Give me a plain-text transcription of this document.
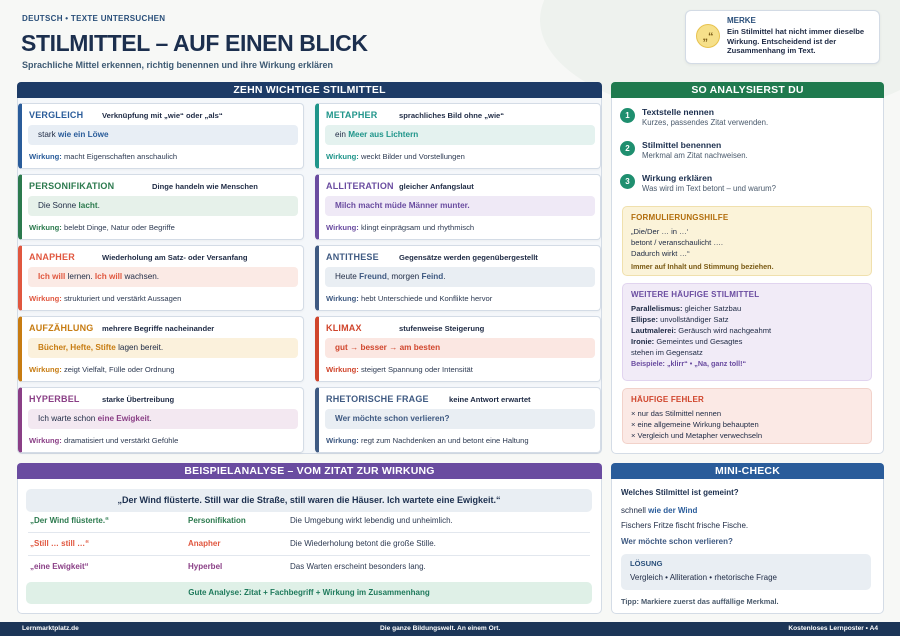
DEUTSCH • TEXTE UNTERSUCHEN
STILMITTEL – AUF EINEN BLICK
Sprachliche Mittel erkennen, richtig benennen und ihre Wirkung erklären
„“
MERKE
Ein Stilmittel hat nicht immer dieselbe Wirkung. Entscheidend ist der Zusammenhang im Text.
ZEHN WICHTIGE STILMITTEL
VERGLEICH Verknüpfung mit „wie“ oder „als“
stark wie ein Löwe
Wirkung: macht Eigenschaften anschaulich
METAPHER	sprachliches Bild ohne „wie“
ein Meer aus Lichtern
Wirkung: weckt Bilder und Vorstellungen
PERSONIFIKATION	Dinge handeln wie Menschen
Die Sonne lacht.
Wirkung: belebt Dinge, Natur oder Begriffe
ALLITERATION gleicher Anfangslaut
Milch macht müde Männer munter.
Wirkung: klingt einprägsam und rhythmisch
ANAPHER	Wiederholung am Satz- oder Versanfang
Ich will lernen. Ich will wachsen.
Wirkung: strukturiert und verstärkt Aussagen
ANTITHESE	Gegensätze werden gegenübergestellt
Heute Freund, morgen Feind.
Wirkung: hebt Unterschiede und Konflikte hervor
AUFZÄHLUNG mehrere Begriffe nacheinander
Bücher, Hefte, Stifte lagen bereit.
Wirkung: zeigt Vielfalt, Fülle oder Ordnung
KLIMAX	stufenweise Steigerung
gut → besser → am besten
Wirkung: steigert Spannung oder Intensität
HYPERBEL	starke Übertreibung
Ich warte schon eine Ewigkeit.
Wirkung: dramatisiert und verstärkt Gefühle
RHETORISCHE FRAGE	keine Antwort erwartet
Wer möchte schon verlieren?
Wirkung: regt zum Nachdenken an und betont eine Haltung
SO ANALYSIERST DU
1	Textstelle nennen
Kurzes, passendes Zitat verwenden.
2	Stilmittel benennen
Merkmal am Zitat nachweisen.
3	Wirkung erklären
Was wird im Text betont – und warum?
FORMULIERUNGSHILFE

„Die/Der … in …‘

betont / veranschaulicht ….

Dadurch wirkt …“

Immer auf Inhalt und Stimmung beziehen.

WEITERE HÄUFIGE STILMITTEL

Parallelismus: gleicher Satzbau

Ellipse: unvollständiger Satz

Lautmalerei: Geräusch wird nachgeahmt

Ironie: Gemeintes und Gesagtes

stehen im Gegensatz

Beispiele: „klirr“ • „Na, ganz toll!“

HÄUFIGE FEHLER

× nur das Stilmittel nennen

× eine allgemeine Wirkung behaupten

× Vergleich und Metapher verwechseln

BEISPIELANALYSE – VOM ZITAT ZUR WIRKUNG
„Der Wind flüsterte. Still war die Straße, still waren die Häuser. Ich wartete eine Ewigkeit.“
„Der Wind flüsterte.“	Personifikation	Die Umgebung wirkt lebendig und unheimlich.
„Still … still …“	Anapher	Die Wiederholung betont die große Stille.
„eine Ewigkeit“	Hyperbel	Das Warten erscheint besonders lang.
Gute Analyse: Zitat + Fachbegriff + Wirkung im Zusammenhang
MINI-CHECK
Welches Stilmittel ist gemeint?
schnell wie der Wind
Fischers Fritze fischt frische Fische.
Wer möchte schon verlieren?
LÖSUNG
Vergleich • Alliteration • rhetorische Frage
Tipp: Markiere zuerst das auffällige Merkmal.
Lernmarktplatz.de	Die ganze Bildungswelt. An einem Ort.	Kostenloses Lernposter • A4
